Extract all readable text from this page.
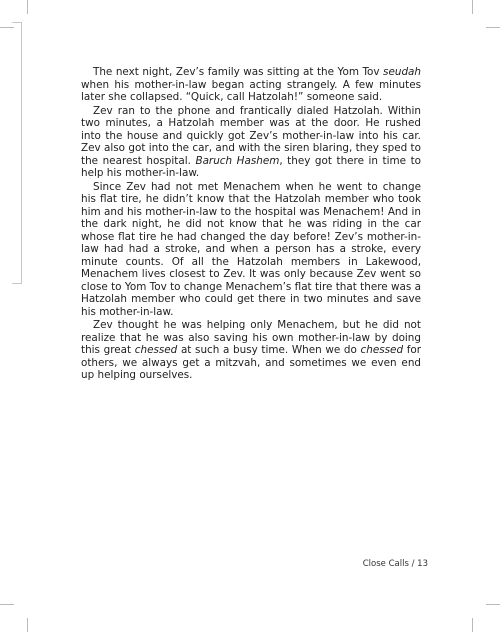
The next night, Zev’s family was sitting at the Yom Tov seudah when his mother-in-law began acting strangely. A few minutes later she collapsed. “Quick, call Hatzolah!” someone said.

Zev ran to the phone and frantically dialed Hatzolah. Within two minutes, a Hatzolah member was at the door. He rushed into the house and quickly got Zev’s mother-in-law into his car. Zev also got into the car, and with the siren blaring, they sped to the nearest hospital. Baruch Hashem, they got there in time to help his mother-in-law.

Since Zev had not met Menachem when he went to change his flat tire, he didn’t know that the Hatzolah member who took him and his mother-in-law to the hospital was Menachem! And in the dark night, he did not know that he was riding in the car whose flat tire he had changed the day before! Zev’s mother-in-law had had a stroke, and when a person has a stroke, every minute counts. Of all the Hatzolah members in Lakewood, Menachem lives closest to Zev. It was only because Zev went so close to Yom Tov to change Menachem’s flat tire that there was a Hatzolah member who could get there in two minutes and save his mother-in-law.

Zev thought he was helping only Menachem, but he did not realize that he was also saving his own mother-in-law by doing this great chessed at such a busy time. When we do chessed for others, we always get a mitzvah, and sometimes we even end up helping ourselves.

Close Calls / 13
